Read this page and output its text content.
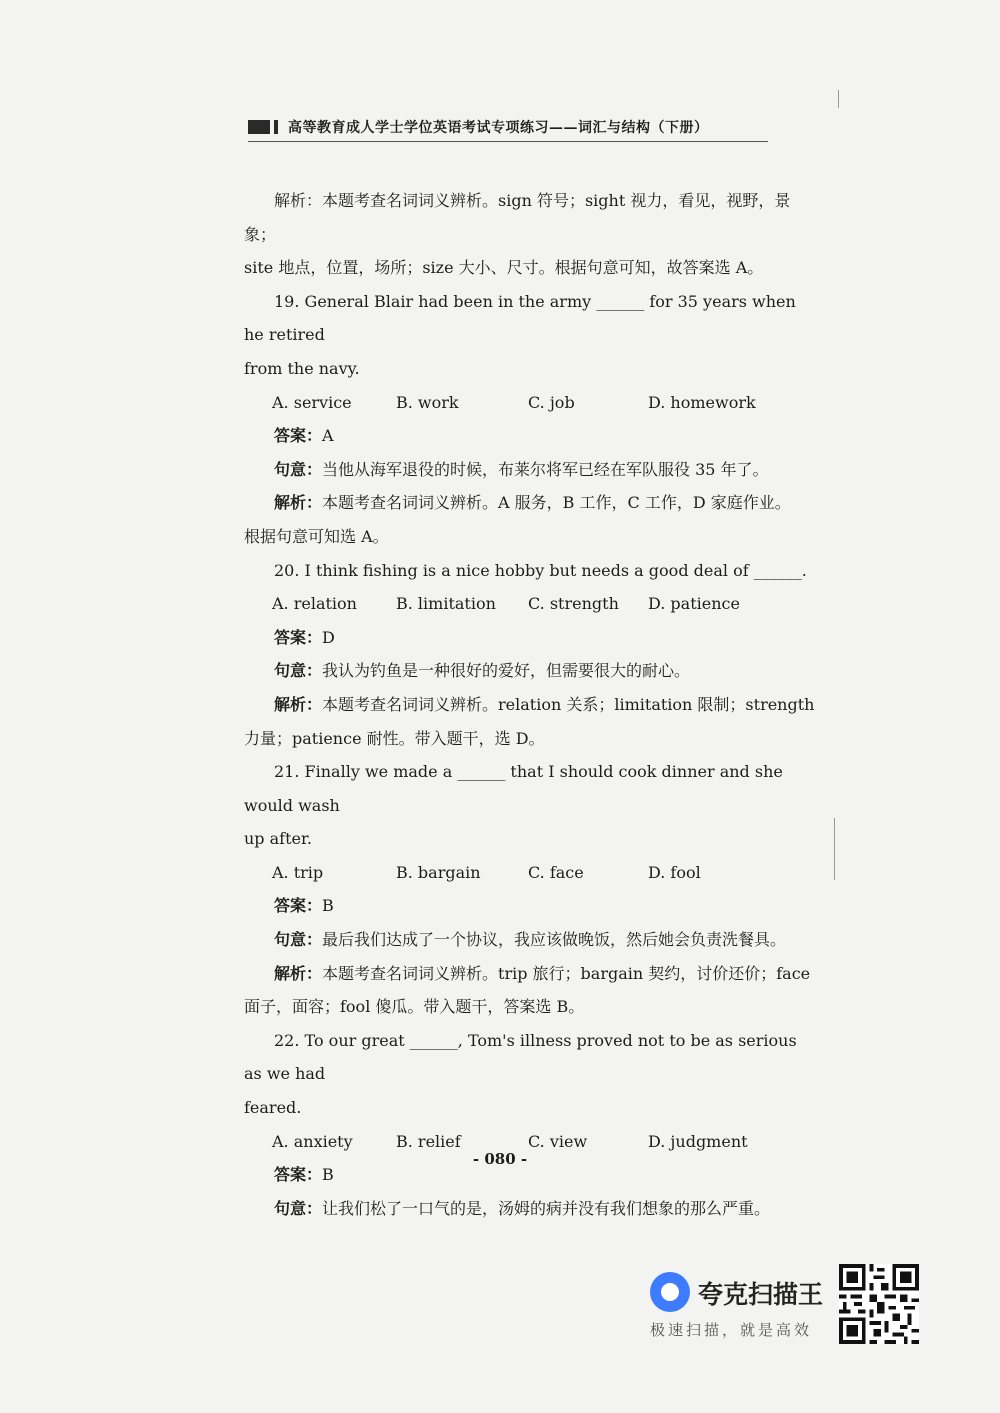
高等教育成人学士学位英语考试专项练习——词汇与结构（下册）

解析：本题考查名词词义辨析。sign 符号；sight 视力，看见，视野，景象；

site 地点，位置，场所；size 大小、尺寸。根据句意可知，故答案选 A。

19. General Blair had been in the army ______ for 35 years when he retired

from the navy.

A. service	B. work	C. job	D. homework

答案：A

句意：当他从海军退役的时候，布莱尔将军已经在军队服役 35 年了。

解析：本题考查名词词义辨析。A 服务，B 工作，C 工作，D 家庭作业。

根据句意可知选 A。

20. I think fishing is a nice hobby but needs a good deal of ______.

A. relation	B. limitation	C. strength	D. patience

答案：D

句意：我认为钓鱼是一种很好的爱好，但需要很大的耐心。

解析：本题考查名词词义辨析。relation 关系；limitation 限制；strength

力量；patience 耐性。带入题干，选 D。

21. Finally we made a ______ that I should cook dinner and she would wash

up after.

A. trip	B. bargain	C. face	D. fool

答案：B

句意：最后我们达成了一个协议，我应该做晚饭，然后她会负责洗餐具。

解析：本题考查名词词义辨析。trip 旅行；bargain 契约，讨价还价；face

面子，面容；fool 傻瓜。带入题干，答案选 B。

22. To our great ______, Tom's illness proved not to be as serious as we had

feared.

A. anxiety	B. relief	C. view	D. judgment

答案：B

句意：让我们松了一口气的是，汤姆的病并没有我们想象的那么严重。

- 080 -
夸克扫描王
极速扫描，就是高效
